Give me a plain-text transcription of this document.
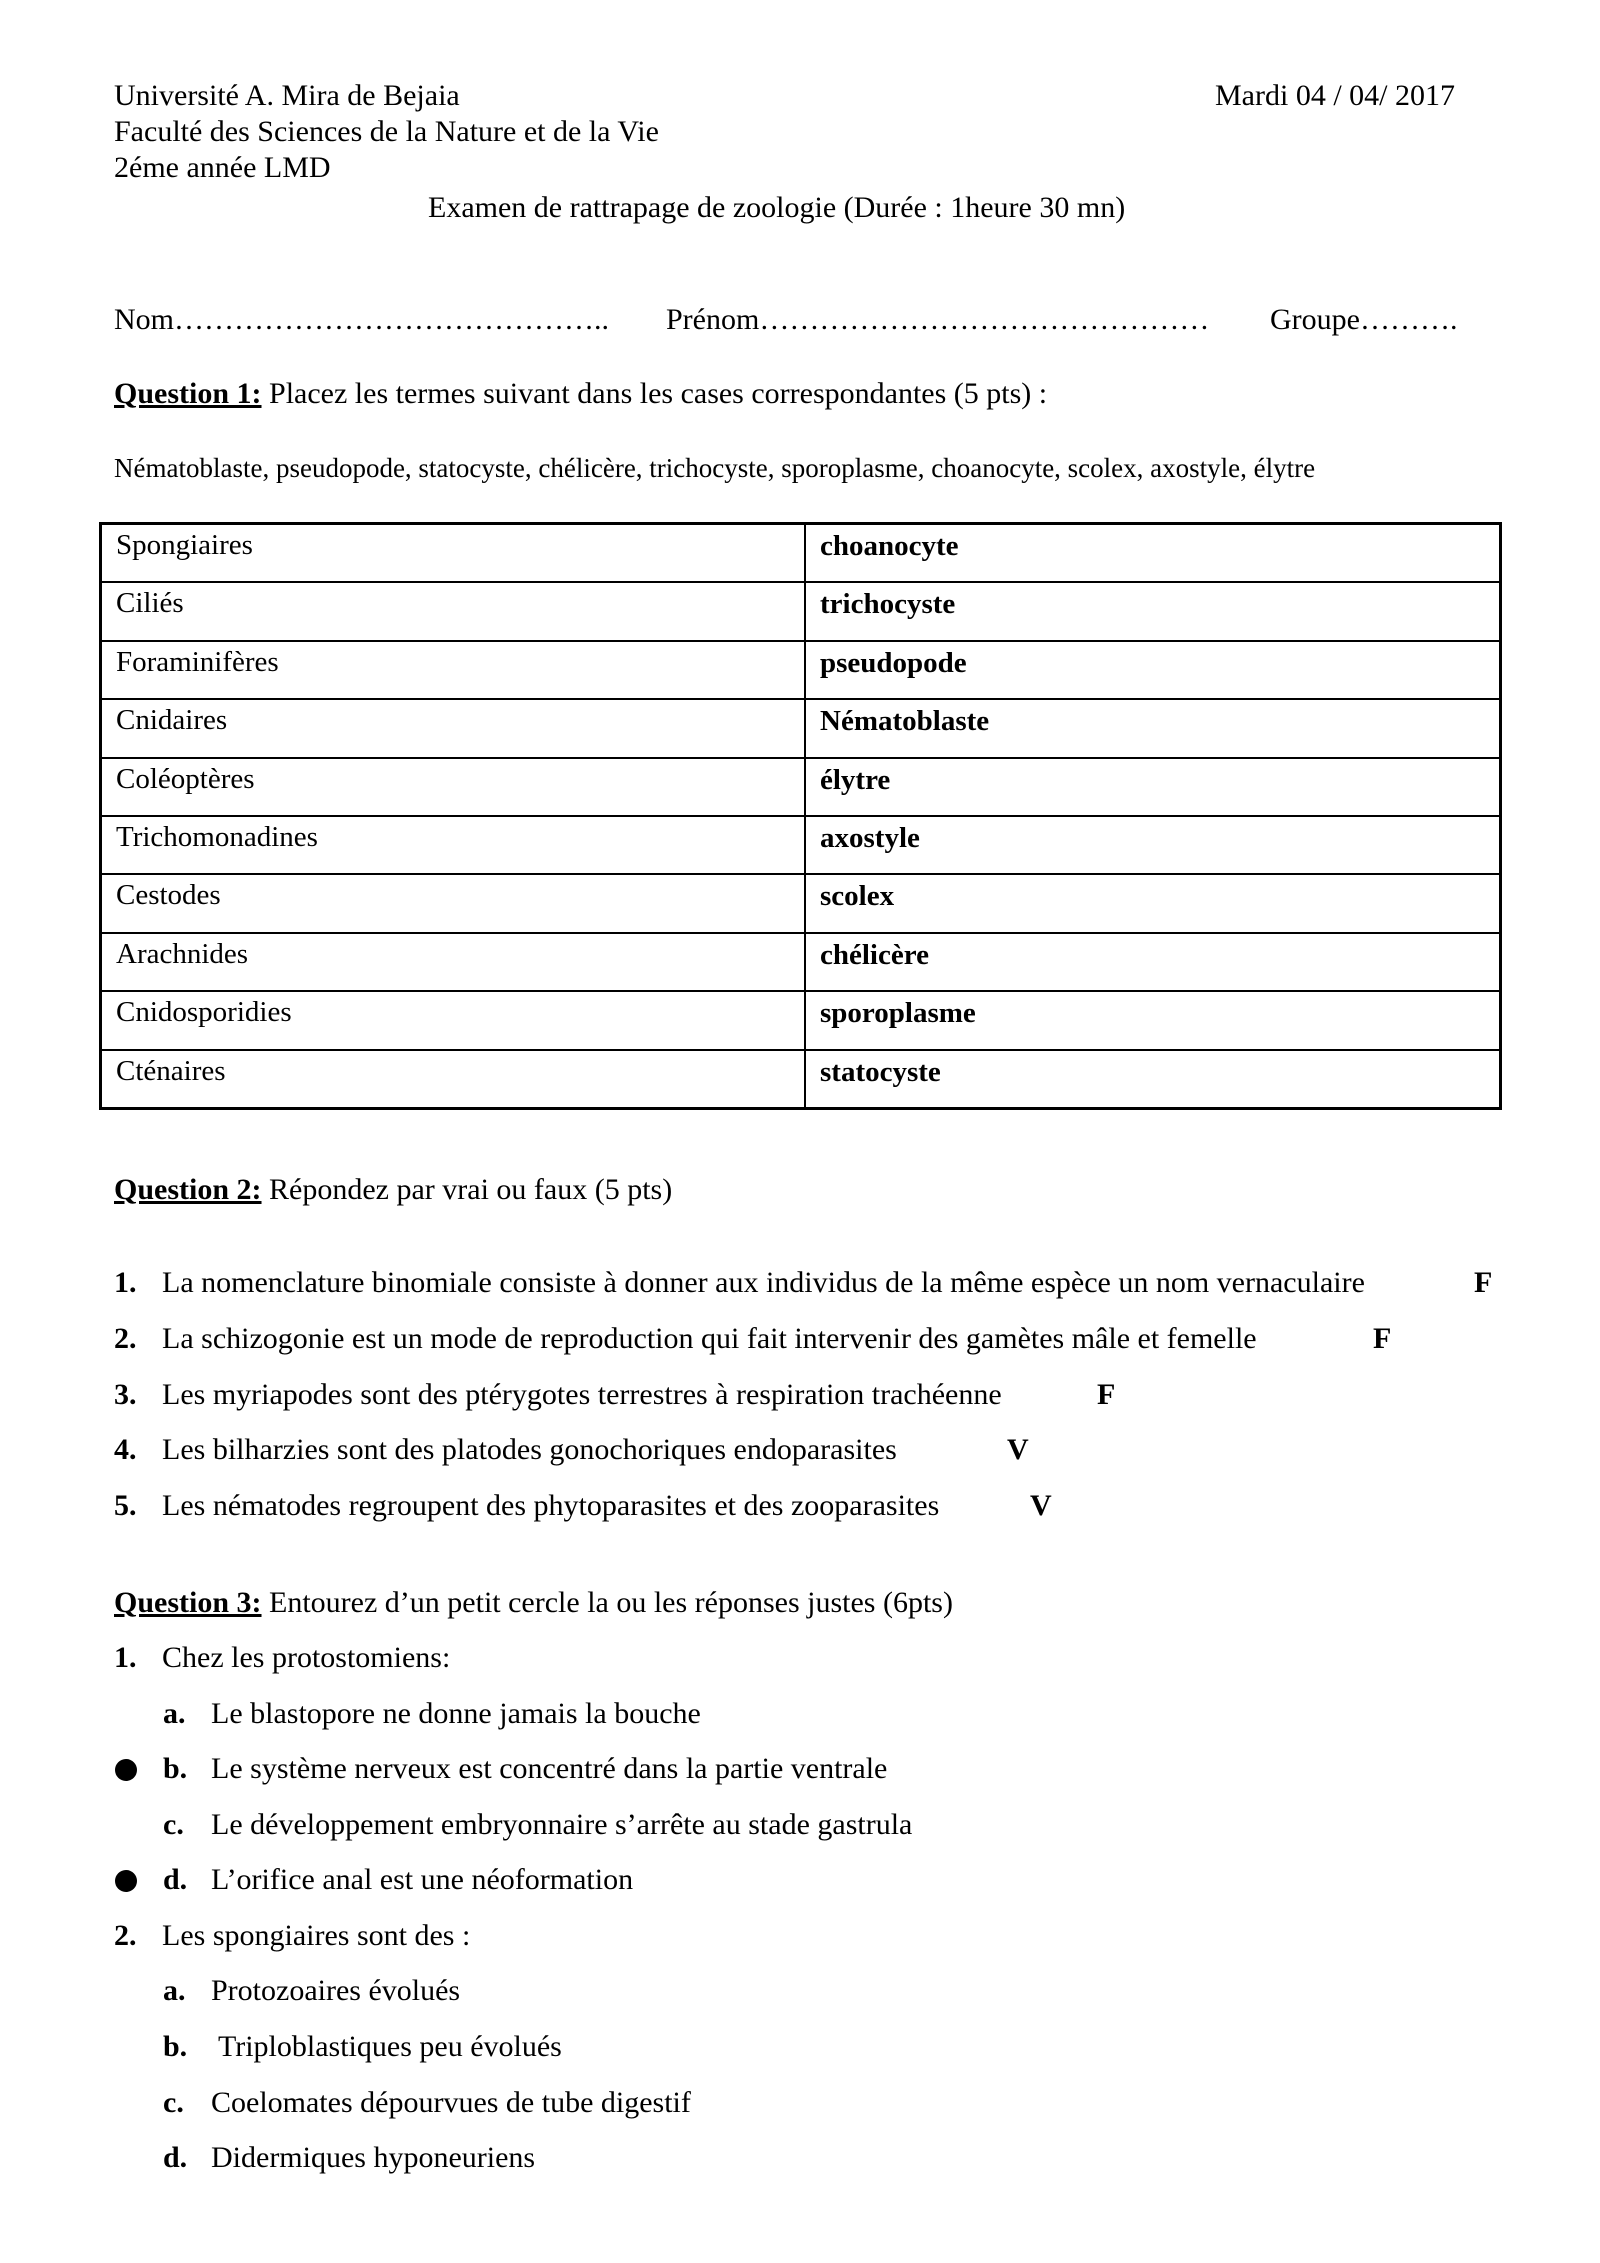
Université A. Mira de Bejaia	Mardi 04 / 04/ 2017
Faculté des Sciences de la Nature et de la Vie
2éme année LMD
Examen de rattrapage de zoologie (Durée : 1heure 30 mn)
Nom…………………………………….. Prénom……………………………………… Groupe……….
Question 1: Placez les termes suivant dans les cases correspondantes (5 pts) :
Nématoblaste, pseudopode, statocyste, chélicère, trichocyste, sporoplasme, choanocyte, scolex, axostyle, élytre
Spongiaires	choanocyte
Ciliés	trichocyste
Foraminifères	pseudopode
Cnidaires	Nématoblaste
Coléoptères	élytre
Trichomonadines	axostyle
Cestodes	scolex
Arachnides	chélicère
Cnidosporidies	sporoplasme
Cténaires	statocyste
Question 2: Répondez par vrai ou faux (5 pts)
1. La nomenclature binomiale consiste à donner aux individus de la même espèce un nom vernaculaire	F
2. La schizogonie est un mode de reproduction qui fait intervenir des gamètes mâle et femelle	F
3. Les myriapodes sont des ptérygotes terrestres à respiration trachéenne	F
4. Les bilharzies sont des platodes gonochoriques endoparasites	V
5. Les nématodes regroupent des phytoparasites et des zooparasites	V
Question 3: Entourez d’un petit cercle la ou les réponses justes (6pts)
1. Chez les protostomiens:
a. Le blastopore ne donne jamais la bouche
b. Le système nerveux est concentré dans la partie ventrale
c. Le développement embryonnaire s’arrête au stade gastrula
d. L’orifice anal est une néoformation
2. Les spongiaires sont des :
a. Protozoaires évolués
b. Triploblastiques peu évolués
c. Coelomates dépourvues de tube digestif
d. Didermiques hyponeuriens
